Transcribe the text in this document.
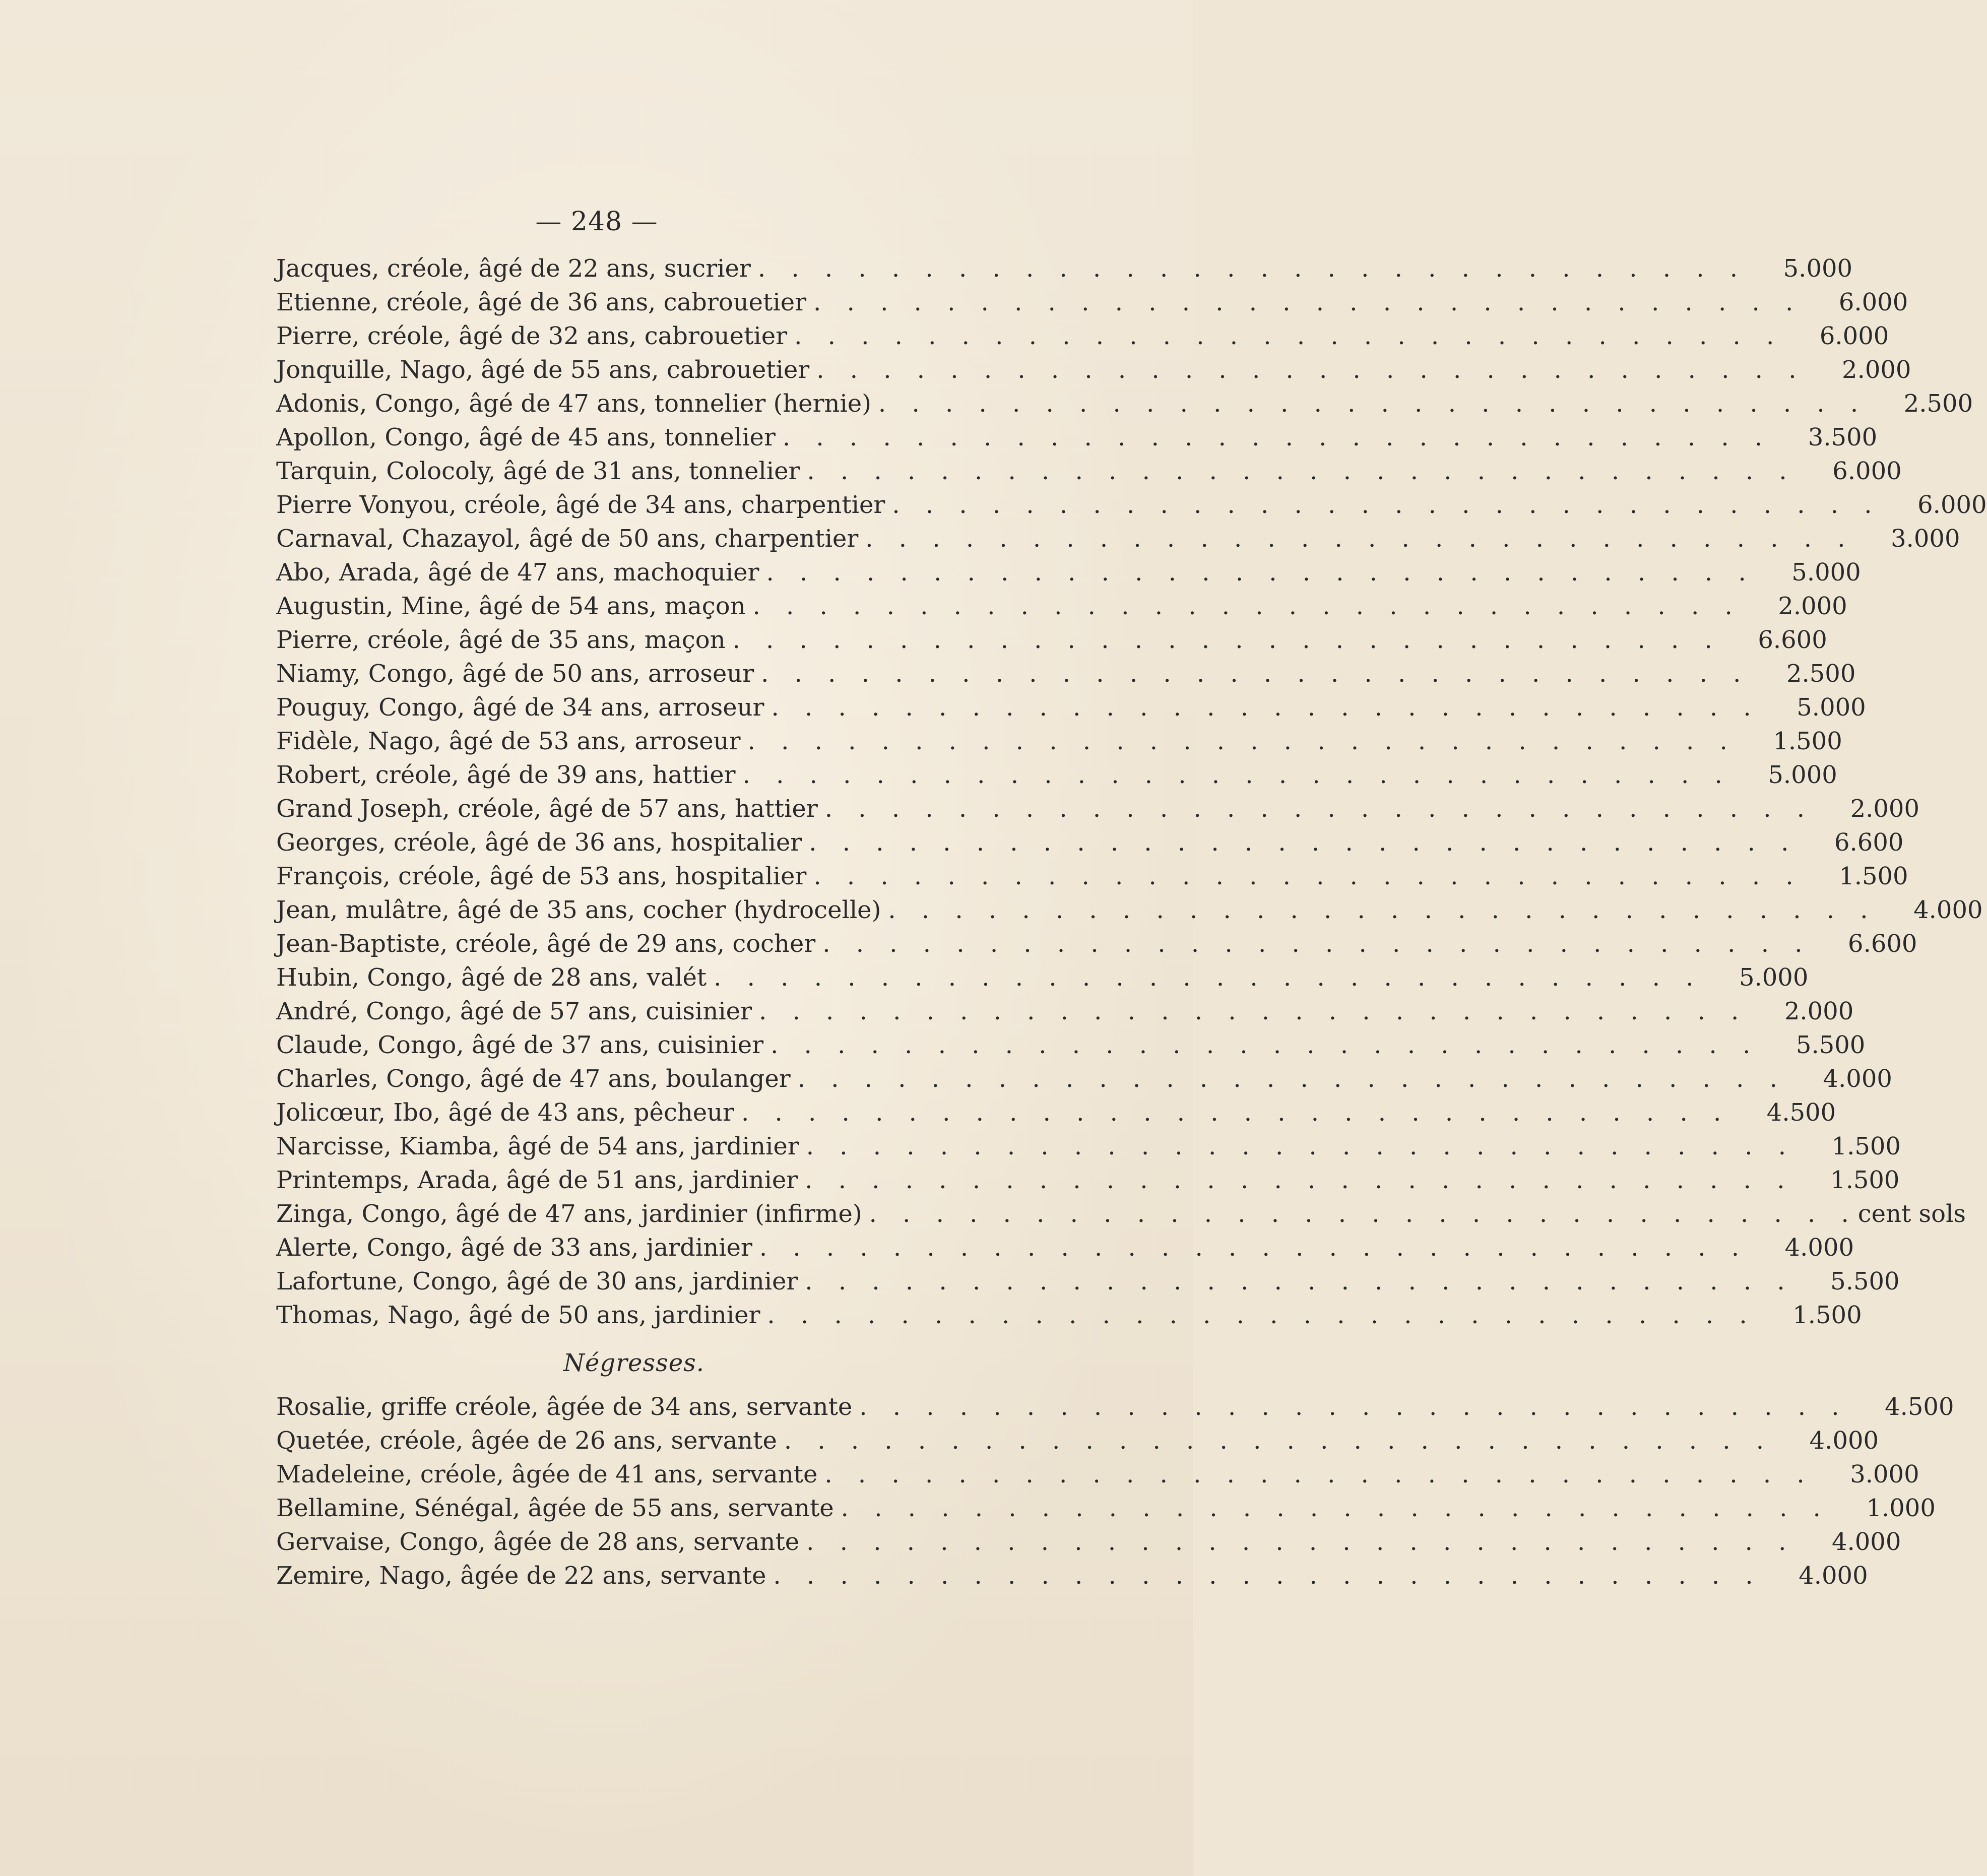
— 248 —
Jacques, créole, âgé de 22 ans, sucrier . . . . . . . . . . . . . . . . . . . . . . . . . . . . . .	5.000
Etienne, créole, âgé de 36 ans, cabrouetier . . . . . . . . . . . . . . . . . . . . . . . . . . . . . .	6.000
Pierre, créole, âgé de 32 ans, cabrouetier . . . . . . . . . . . . . . . . . . . . . . . . . . . . . .	6.000
Jonquille, Nago, âgé de 55 ans, cabrouetier . . . . . . . . . . . . . . . . . . . . . . . . . . . . . .	2.000
Adonis, Congo, âgé de 47 ans, tonnelier (hernie) . . . . . . . . . . . . . . . . . . . . . . . . . . . . . .	2.500
Apollon, Congo, âgé de 45 ans, tonnelier . . . . . . . . . . . . . . . . . . . . . . . . . . . . . .	3.500
Tarquin, Colocoly, âgé de 31 ans, tonnelier . . . . . . . . . . . . . . . . . . . . . . . . . . . . . .	6.000
Pierre Vonyou, créole, âgé de 34 ans, charpentier . . . . . . . . . . . . . . . . . . . . . . . . . . . . . .	6.000
Carnaval, Chazayol, âgé de 50 ans, charpentier . . . . . . . . . . . . . . . . . . . . . . . . . . . . . .	3.000
Abo, Arada, âgé de 47 ans, machoquier . . . . . . . . . . . . . . . . . . . . . . . . . . . . . .	5.000
Augustin, Mine, âgé de 54 ans, maçon . . . . . . . . . . . . . . . . . . . . . . . . . . . . . .	2.000
Pierre, créole, âgé de 35 ans, maçon . . . . . . . . . . . . . . . . . . . . . . . . . . . . . .	6.600
Niamy, Congo, âgé de 50 ans, arroseur . . . . . . . . . . . . . . . . . . . . . . . . . . . . . .	2.500
Pouguy, Congo, âgé de 34 ans, arroseur . . . . . . . . . . . . . . . . . . . . . . . . . . . . . .	5.000
Fidèle, Nago, âgé de 53 ans, arroseur . . . . . . . . . . . . . . . . . . . . . . . . . . . . . .	1.500
Robert, créole, âgé de 39 ans, hattier . . . . . . . . . . . . . . . . . . . . . . . . . . . . . .	5.000
Grand Joseph, créole, âgé de 57 ans, hattier . . . . . . . . . . . . . . . . . . . . . . . . . . . . . .	2.000
Georges, créole, âgé de 36 ans, hospitalier . . . . . . . . . . . . . . . . . . . . . . . . . . . . . .	6.600
François, créole, âgé de 53 ans, hospitalier . . . . . . . . . . . . . . . . . . . . . . . . . . . . . .	1.500
Jean, mulâtre, âgé de 35 ans, cocher (hydrocelle) . . . . . . . . . . . . . . . . . . . . . . . . . . . . . .	4.000
Jean-Baptiste, créole, âgé de 29 ans, cocher . . . . . . . . . . . . . . . . . . . . . . . . . . . . . .	6.600
Hubin, Congo, âgé de 28 ans, valét . . . . . . . . . . . . . . . . . . . . . . . . . . . . . .	5.000
André, Congo, âgé de 57 ans, cuisinier . . . . . . . . . . . . . . . . . . . . . . . . . . . . . .	2.000
Claude, Congo, âgé de 37 ans, cuisinier . . . . . . . . . . . . . . . . . . . . . . . . . . . . . .	5.500
Charles, Congo, âgé de 47 ans, boulanger . . . . . . . . . . . . . . . . . . . . . . . . . . . . . .	4.000
Jolicœur, Ibo, âgé de 43 ans, pêcheur . . . . . . . . . . . . . . . . . . . . . . . . . . . . . .	4.500
Narcisse, Kiamba, âgé de 54 ans, jardinier . . . . . . . . . . . . . . . . . . . . . . . . . . . . . .	1.500
Printemps, Arada, âgé de 51 ans, jardinier . . . . . . . . . . . . . . . . . . . . . . . . . . . . . .	1.500
Zinga, Congo, âgé de 47 ans, jardinier (infirme) . . . . . . . . . . . . . . . . . . . . . . . . . . . . . . cent sols
Alerte, Congo, âgé de 33 ans, jardinier . . . . . . . . . . . . . . . . . . . . . . . . . . . . . .	4.000
Lafortune, Congo, âgé de 30 ans, jardinier . . . . . . . . . . . . . . . . . . . . . . . . . . . . . .	5.500
Thomas, Nago, âgé de 50 ans, jardinier . . . . . . . . . . . . . . . . . . . . . . . . . . . . . .	1.500
Négresses.
Rosalie, griffe créole, âgée de 34 ans, servante . . . . . . . . . . . . . . . . . . . . . . . . . . . . . .	4.500
Quetée, créole, âgée de 26 ans, servante . . . . . . . . . . . . . . . . . . . . . . . . . . . . . .	4.000
Madeleine, créole, âgée de 41 ans, servante . . . . . . . . . . . . . . . . . . . . . . . . . . . . . .	3.000
Bellamine, Sénégal, âgée de 55 ans, servante . . . . . . . . . . . . . . . . . . . . . . . . . . . . . .	1.000
Gervaise, Congo, âgée de 28 ans, servante . . . . . . . . . . . . . . . . . . . . . . . . . . . . . .	4.000
Zemire, Nago, âgée de 22 ans, servante . . . . . . . . . . . . . . . . . . . . . . . . . . . . . .	4.000
